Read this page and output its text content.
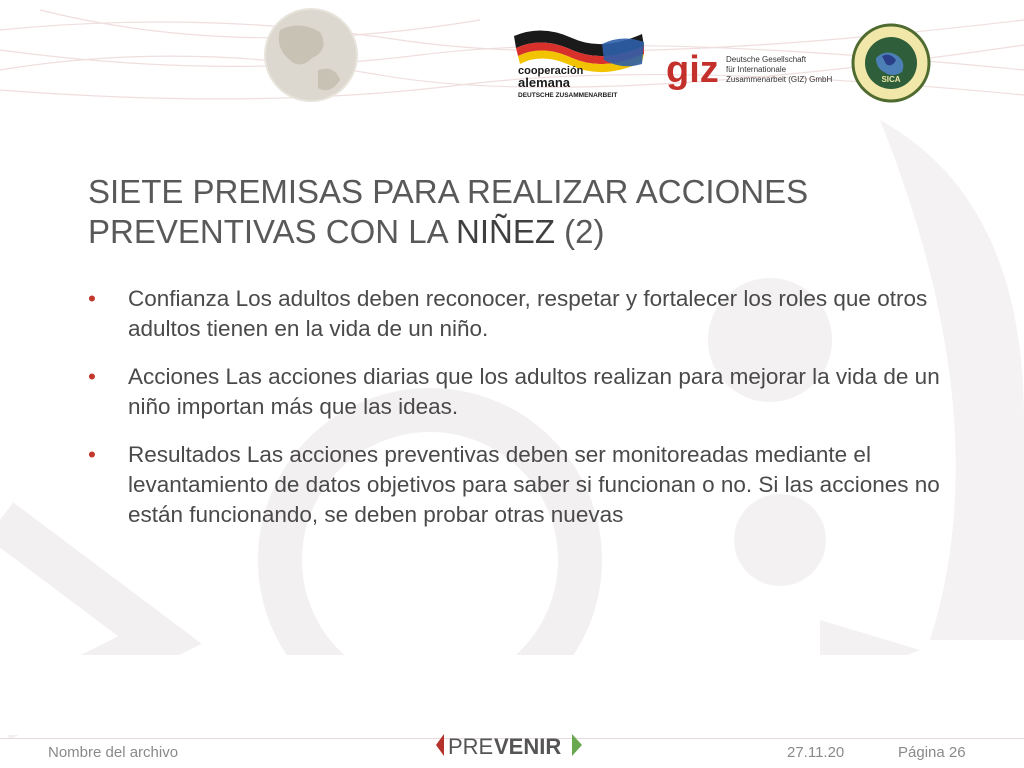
cooperación
alemana
DEUTSCHE ZUSAMMENARBEIT
giz Deutsche Gesellschaft
für Internationale
Zusammenarbeit (GIZ) GmbH	SICA
SIETE PREMISAS PARA REALIZAR ACCIONES
PREVENTIVAS CON LA NIÑEZ (2)
• Confianza Los adultos deben reconocer, respetar y fortalecer los roles que otros adultos tienen en la vida de un niño.
• Acciones Las acciones diarias que los adultos realizan para mejorar la vida de un niño importan más que las ideas.
• Resultados Las acciones preventivas deben ser monitoreadas mediante el levantamiento de datos objetivos para saber si funcionan o no. Si las acciones no están funcionando, se deben probar otras nuevas
Nombre del archivo	PRE VENIR	27.11.20	Página 26
